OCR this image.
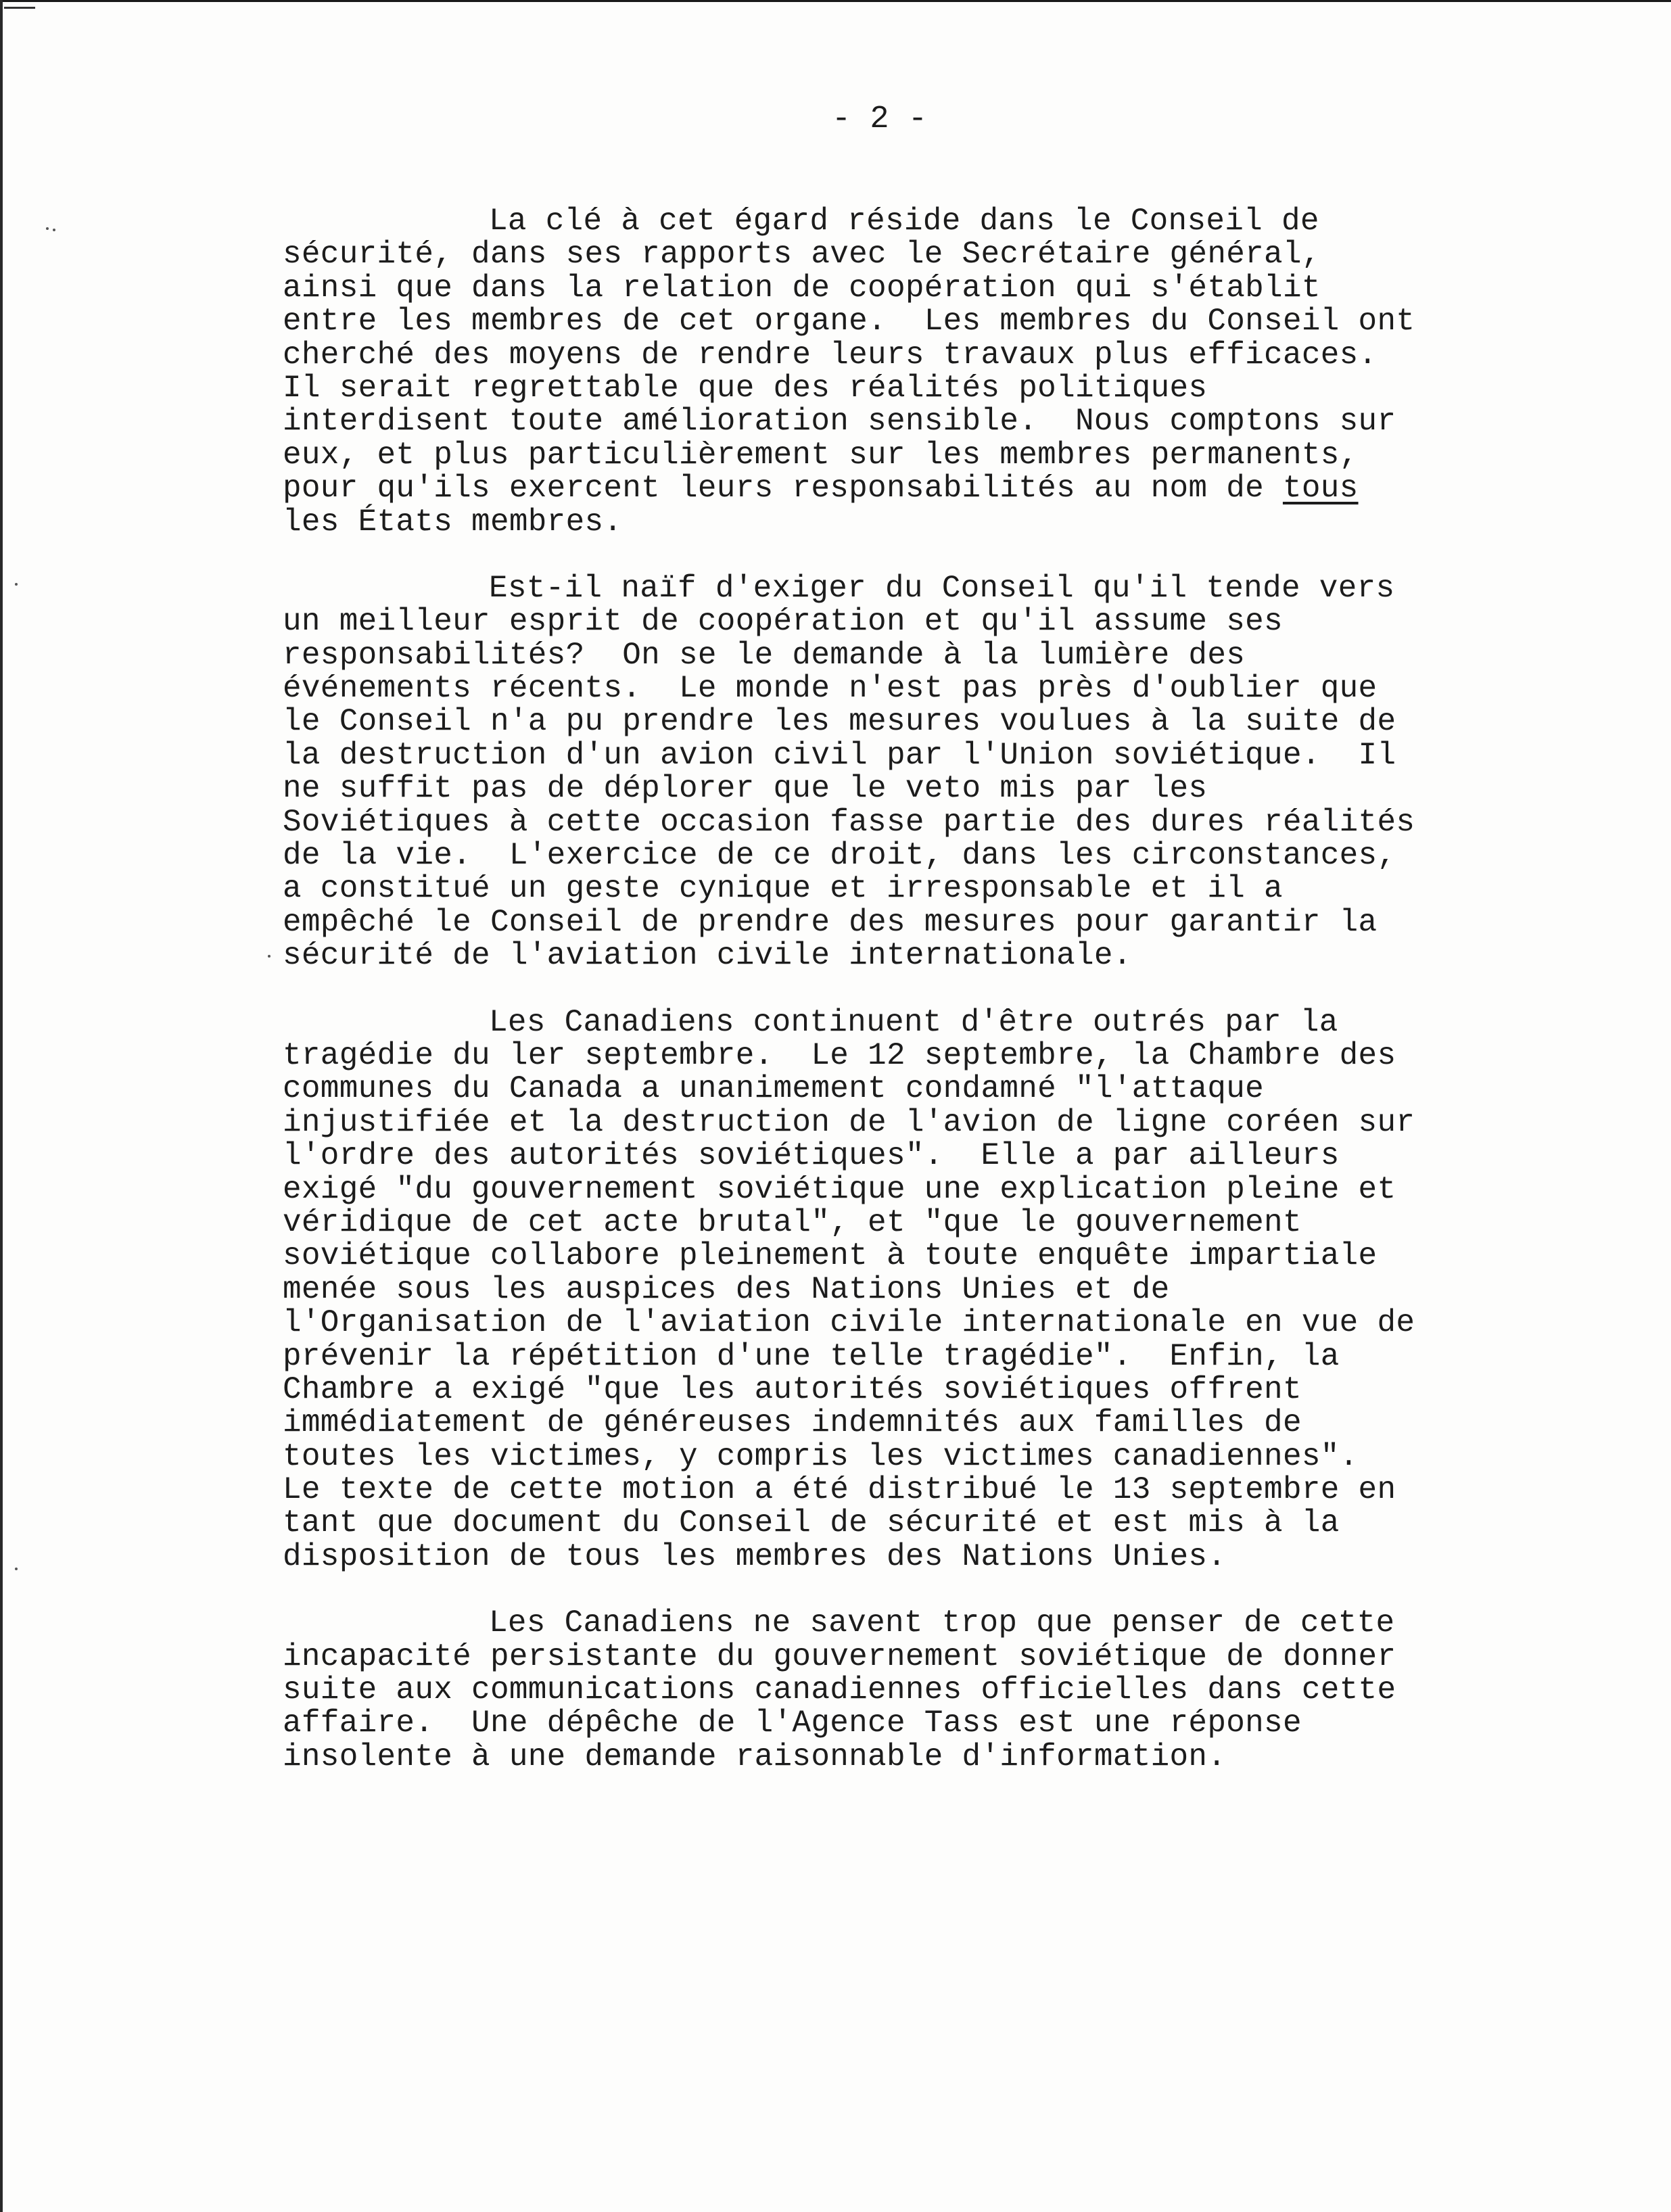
- 2 -
La clé à cet égard réside dans le Conseil de
sécurité, dans ses rapports avec le Secrétaire général,
ainsi que dans la relation de coopération qui s'établit
entre les membres de cet organe.  Les membres du Conseil ont
cherché des moyens de rendre leurs travaux plus efficaces.
Il serait regrettable que des réalités politiques
interdisent toute amélioration sensible.  Nous comptons sur
eux, et plus particulièrement sur les membres permanents,
pour qu'ils exercent leurs responsabilités au nom de tous
les États membres.
Est-il naïf d'exiger du Conseil qu'il tende vers
un meilleur esprit de coopération et qu'il assume ses
responsabilités?  On se le demande à la lumière des
événements récents.  Le monde n'est pas près d'oublier que
le Conseil n'a pu prendre les mesures voulues à la suite de
la destruction d'un avion civil par l'Union soviétique.  Il
ne suffit pas de déplorer que le veto mis par les
Soviétiques à cette occasion fasse partie des dures réalités
de la vie.  L'exercice de ce droit, dans les circonstances,
a constitué un geste cynique et irresponsable et il a
empêché le Conseil de prendre des mesures pour garantir la
sécurité de l'aviation civile internationale.
Les Canadiens continuent d'être outrés par la
tragédie du ler septembre.  Le 12 septembre, la Chambre des
communes du Canada a unanimement condamné "l'attaque
injustifiée et la destruction de l'avion de ligne coréen sur
l'ordre des autorités soviétiques".  Elle a par ailleurs
exigé "du gouvernement soviétique une explication pleine et
véridique de cet acte brutal", et "que le gouvernement
soviétique collabore pleinement à toute enquête impartiale
menée sous les auspices des Nations Unies et de
l'Organisation de l'aviation civile internationale en vue de
prévenir la répétition d'une telle tragédie".  Enfin, la
Chambre a exigé "que les autorités soviétiques offrent
immédiatement de généreuses indemnités aux familles de
toutes les victimes, y compris les victimes canadiennes".
Le texte de cette motion a été distribué le 13 septembre en
tant que document du Conseil de sécurité et est mis à la
disposition de tous les membres des Nations Unies.
Les Canadiens ne savent trop que penser de cette
incapacité persistante du gouvernement soviétique de donner
suite aux communications canadiennes officielles dans cette
affaire.  Une dépêche de l'Agence Tass est une réponse
insolente à une demande raisonnable d'information.
